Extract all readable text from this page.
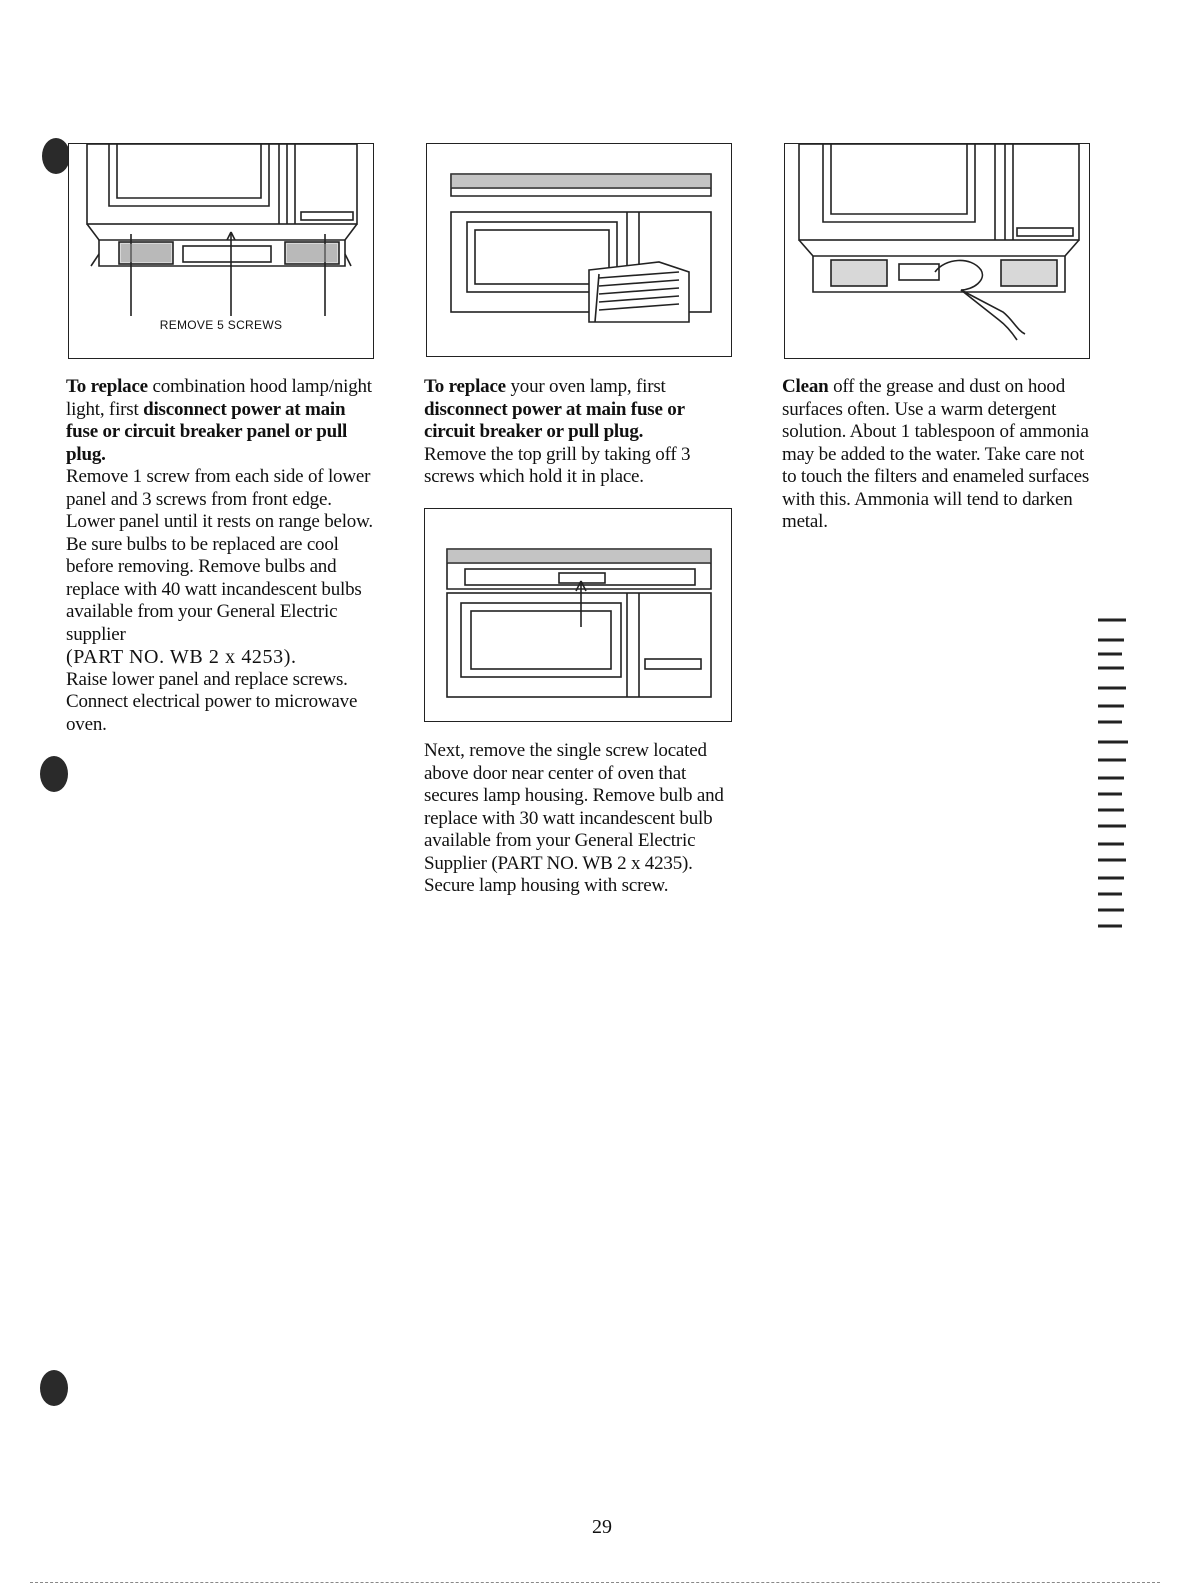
REMOVE 5 SCREWS

To replace combination hood lamp/night light, first disconnect power at main fuse or circuit breaker panel or pull plug.

Remove 1 screw from each side of lower panel and 3 screws from front edge. Lower panel until it rests on range below. Be sure bulbs to be replaced are cool before removing. Remove bulbs and replace with 40 watt incandescent bulbs available from your General Electric supplier

(PART NO. WB 2 x 4253).

Raise lower panel and replace screws. Connect electrical power to microwave oven.

To replace your oven lamp, first disconnect power at main fuse or circuit breaker or pull plug.

Remove the top grill by taking off 3 screws which hold it in place.

Next, remove the single screw located above door near center of oven that secures lamp housing. Remove bulb and replace with 30 watt incandescent bulb available from your General Electric Supplier (PART NO. WB 2 x 4235). Secure lamp housing with screw.

Clean off the grease and dust on hood surfaces often. Use a warm detergent solution. About 1 tablespoon of ammonia may be added to the water. Take care not to touch the filters and enameled surfaces with this. Ammonia will tend to darken metal.

29
